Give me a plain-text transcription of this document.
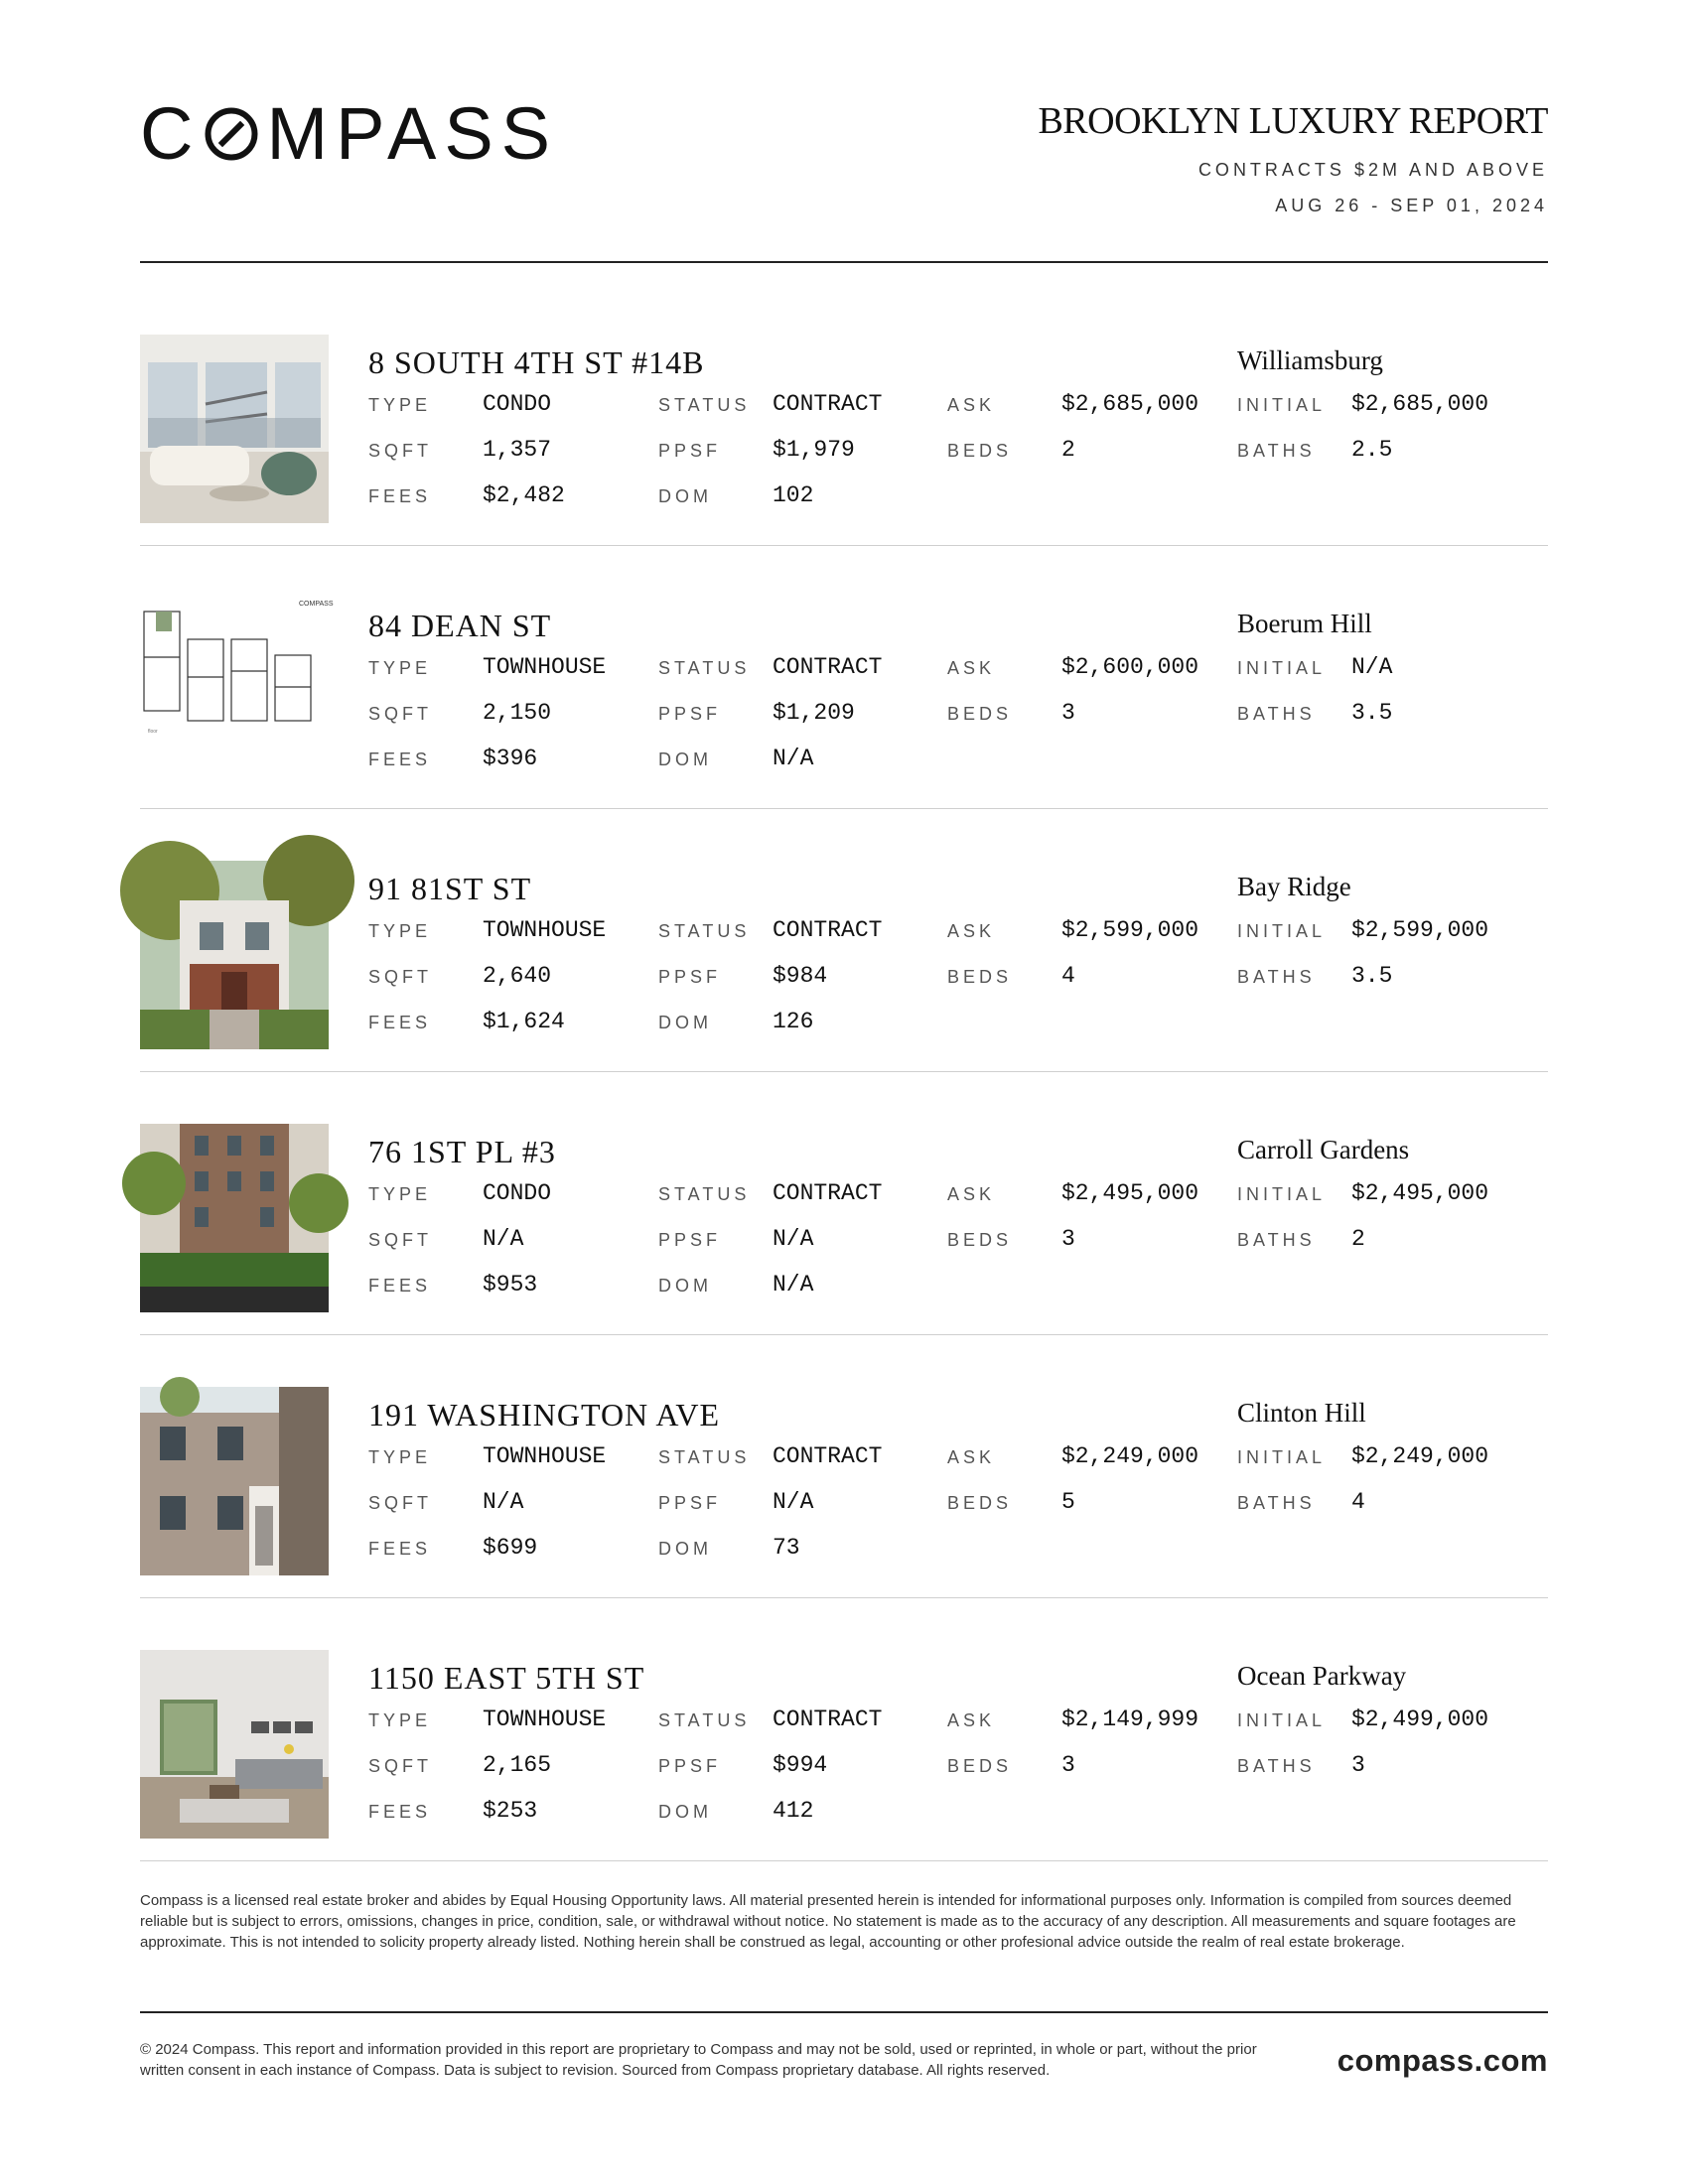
C MPASS	BROOKLYN LUXURY REPORT
CONTRACTS $2M AND ABOVE
AUG 26 - SEP 01, 2024
8 SOUTH 4TH ST #14B	Williamsburg
TYPE CONDO	STATUS CONTRACT	ASK	$2,685,000 INITIAL $2,685,000
SQFT 1,357	PPSF $1,979	BEDS 2	BATHS 2.5
FEES $2,482	DOM	102
COMPASS
floor
84 DEAN ST	Boerum Hill
TYPE TOWNHOUSE	STATUS CONTRACT	ASK	$2,600,000 INITIAL N/A
SQFT 2,150	PPSF $1,209	BEDS 3	BATHS 3.5
FEES $396	DOM	N/A
91 81ST ST	Bay Ridge
TYPE TOWNHOUSE	STATUS CONTRACT	ASK	$2,599,000 INITIAL $2,599,000
SQFT 2,640	PPSF $984	BEDS 4	BATHS 3.5
FEES $1,624	DOM	126
76 1ST PL #3	Carroll Gardens
TYPE CONDO	STATUS CONTRACT	ASK	$2,495,000 INITIAL $2,495,000
SQFT N/A	PPSF N/A	BEDS 3	BATHS 2
FEES $953	DOM	N/A
191 WASHINGTON AVE	Clinton Hill
TYPE TOWNHOUSE	STATUS CONTRACT	ASK	$2,249,000 INITIAL $2,249,000
SQFT N/A	PPSF N/A	BEDS 5	BATHS 4
FEES $699	DOM	73
1150 EAST 5TH ST	Ocean Parkway
TYPE TOWNHOUSE	STATUS CONTRACT	ASK	$2,149,999 INITIAL $2,499,000
SQFT 2,165	PPSF $994	BEDS 3	BATHS 3
FEES $253	DOM	412
Compass is a licensed real estate broker and abides by Equal Housing Opportunity laws. All material presented herein is intended for informational purposes only. Information is compiled from sources deemed reliable but is subject to errors, omissions, changes in price, condition, sale, or withdrawal without notice. No statement is made as to the accuracy of any description. All measurements and square footages are approximate. This is not intended to solicity property already listed. Nothing herein shall be construed as legal, accounting or other profesional advice outside the realm of real estate brokerage.
© 2024 Compass. This report and information provided in this report are proprietary to Compass and may not be sold, used or reprinted, in whole or part, without the prior written consent in each instance of Compass. Data is subject to revision. Sourced from Compass proprietary database. All rights reserved.	compass.com
